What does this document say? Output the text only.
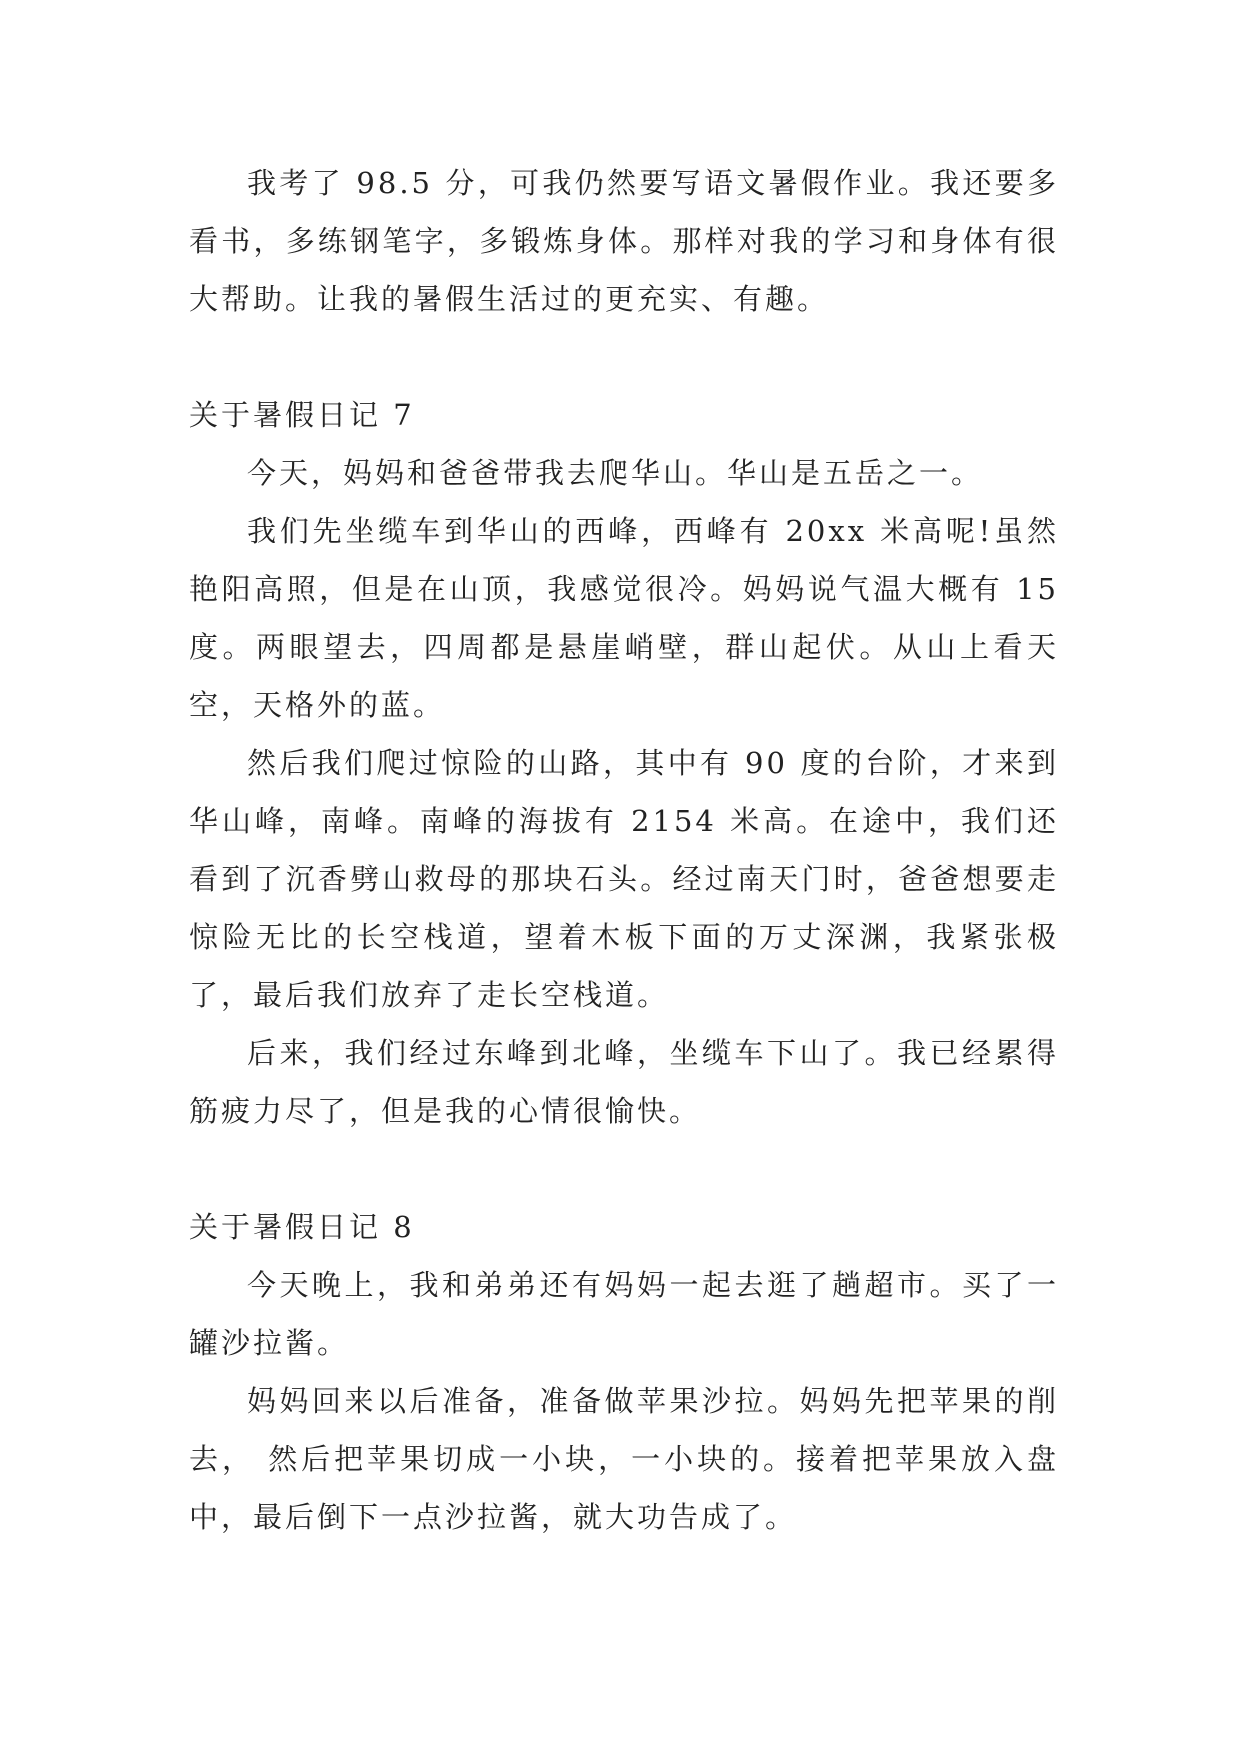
我考了 98.5 分，可我仍然要写语文暑假作业。我还要多看书，多练钢笔字，多锻炼身体。那样对我的学习和身体有很大帮助。让我的暑假生活过的更充实、有趣。

关于暑假日记 7

今天，妈妈和爸爸带我去爬华山。华山是五岳之一。

我们先坐缆车到华山的西峰，西峰有 20xx 米高呢!虽然艳阳高照，但是在山顶，我感觉很冷。妈妈说气温大概有 15 度。两眼望去，四周都是悬崖峭壁，群山起伏。从山上看天空，天格外的蓝。

然后我们爬过惊险的山路，其中有 90 度的台阶，才来到华山峰，南峰。南峰的海拔有 2154 米高。在途中，我们还看到了沉香劈山救母的那块石头。经过南天门时，爸爸想要走惊险无比的长空栈道，望着木板下面的万丈深渊，我紧张极了，最后我们放弃了走长空栈道。

后来，我们经过东峰到北峰，坐缆车下山了。我已经累得筋疲力尽了，但是我的心情很愉快。

关于暑假日记 8

今天晚上，我和弟弟还有妈妈一起去逛了趟超市。买了一罐沙拉酱。

妈妈回来以后准备，准备做苹果沙拉。妈妈先把苹果的削去， 然后把苹果切成一小块，一小块的。接着把苹果放入盘中，最后倒下一点沙拉酱，就大功告成了。
